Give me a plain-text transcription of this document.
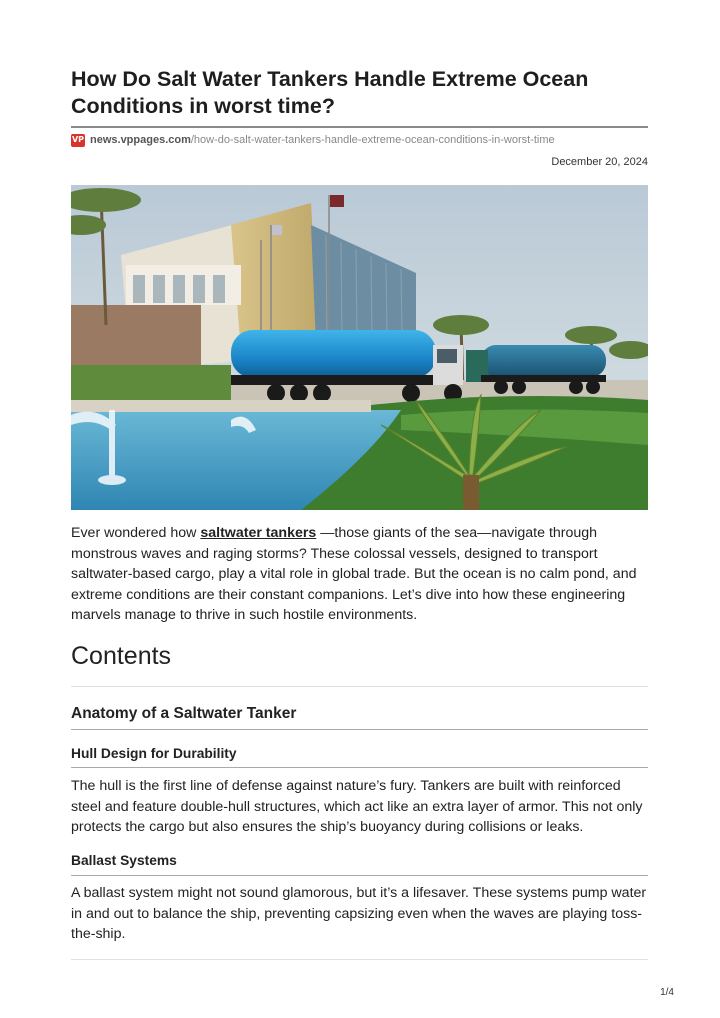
How Do Salt Water Tankers Handle Extreme Ocean Conditions in worst time?
VP news.vppages.com /how-do-salt-water-tankers-handle-extreme-ocean-conditions-in-worst-time
December 20, 2024

Ever wondered how saltwater tankers —those giants of the sea—navigate through monstrous waves and raging storms? These colossal vessels, designed to transport saltwater-based cargo, play a vital role in global trade. But the ocean is no calm pond, and extreme conditions are their constant companions. Let’s dive into how these engineering marvels manage to thrive in such hostile environments.

Contents
Anatomy of a Saltwater Tanker
Hull Design for Durability

The hull is the first line of defense against nature’s fury. Tankers are built with reinforced steel and feature double-hull structures, which act like an extra layer of armor. This not only protects the cargo but also ensures the ship’s buoyancy during collisions or leaks.

Ballast Systems

A ballast system might not sound glamorous, but it’s a lifesaver. These systems pump water in and out to balance the ship, preventing capsizing even when the waves are playing toss-the-ship.

1/4
